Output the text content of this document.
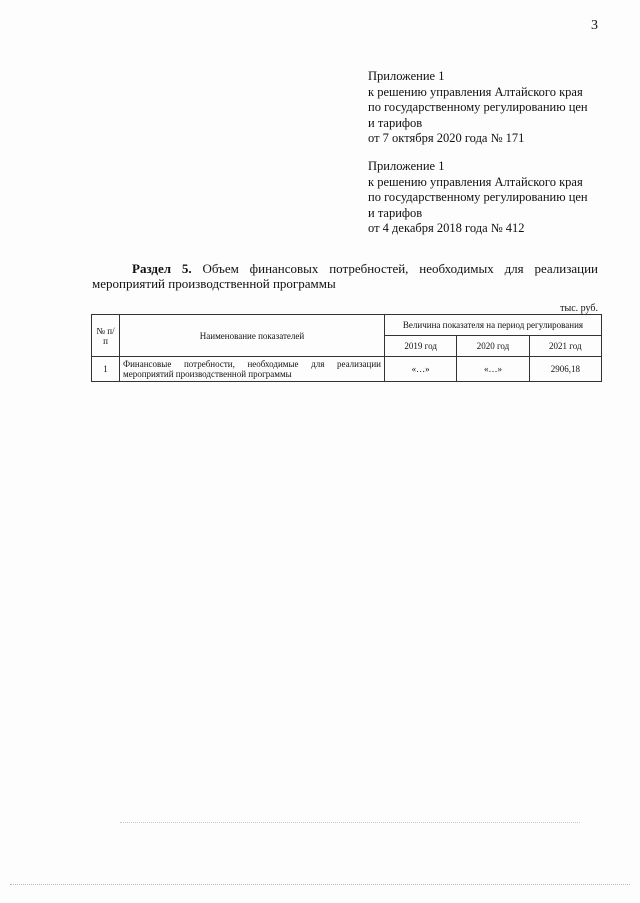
3
Приложение 1
к решению управления Алтайского края
по государственному регулированию цен
и тарифов
от 7 октября 2020 года № 171
Приложение 1
к решению управления Алтайского края
по государственному регулированию цен
и тарифов
от 4 декабря 2018 года № 412
Раздел 5. Объем финансовых потребностей, необходимых для реализации мероприятий производственной программы
тыс. руб.
№ п/п	Наименование показателей	Величина показателя на период регулирования		
		2019 год	2020 год	2021 год
1	Финансовые потребности, необходимые для реализации мероприятий производственной программы	«…»	«…»	2906,18
